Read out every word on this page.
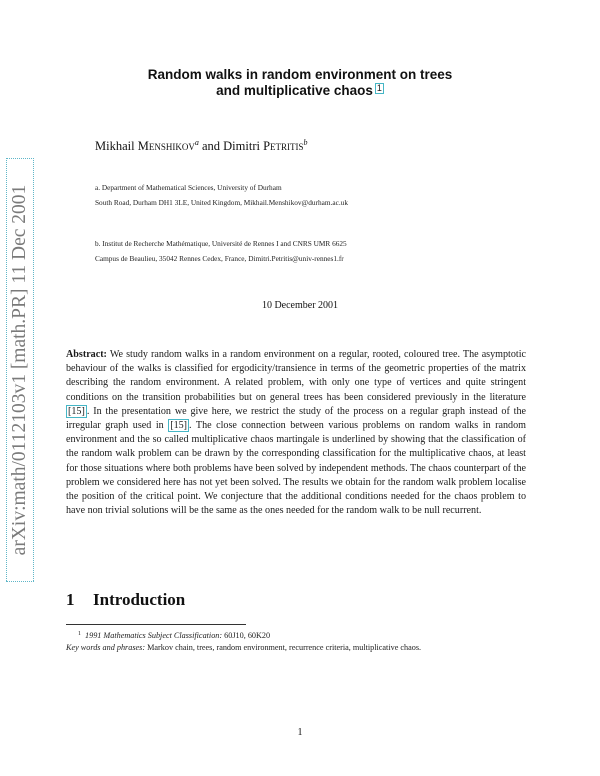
arXiv:math/0112103v1 [math.PR] 11 Dec 2001
Random walks in random environment on trees
and multiplicative chaos 1
Mikhail Menshikov$^a$ and Dimitri Petritis$^b$
a. Department of Mathematical Sciences, University of Durham
South Road, Durham DH1 3LE, United Kingdom, Mikhail.Menshikov@durham.ac.uk
b. Institut de Recherche Mathématique, Université de Rennes I and CNRS UMR 6625
Campus de Beaulieu, 35042 Rennes Cedex, France, Dimitri.Petritis@univ-rennes1.fr
10 December 2001
Abstract: We study random walks in a random environment on a regular, rooted, coloured tree. The asymptotic behaviour of the walks is classified for ergodicity/transience in terms of the geometric properties of the matrix describing the random environment. A related problem, with only one type of vertices and quite stringent conditions on the transition probabilities but on general trees has been considered previously in the literature [15] . In the presentation we give here, we restrict the study of the process on a regular graph instead of the irregular graph used in [15] . The close connection between various problems on random walks in random environment and the so called multiplicative chaos martingale is underlined by showing that the classification of the random walk problem can be drawn by the corresponding classification for the multiplicative chaos, at least for those situations where both problems have been solved by independent methods. The chaos counterpart of the problem we considered here has not yet been solved. The results we obtain for the random walk problem localise the position of the critical point. We conjecture that the additional conditions needed for the chaos problem to have non trivial solutions will be the same as the ones needed for the random walk to be null recurrent.
1 Introduction
$^1$ 1991 Mathematics Subject Classification: 60J10, 60K20
Key words and phrases: Markov chain, trees, random environment, recurrence criteria, multiplicative chaos.
1
